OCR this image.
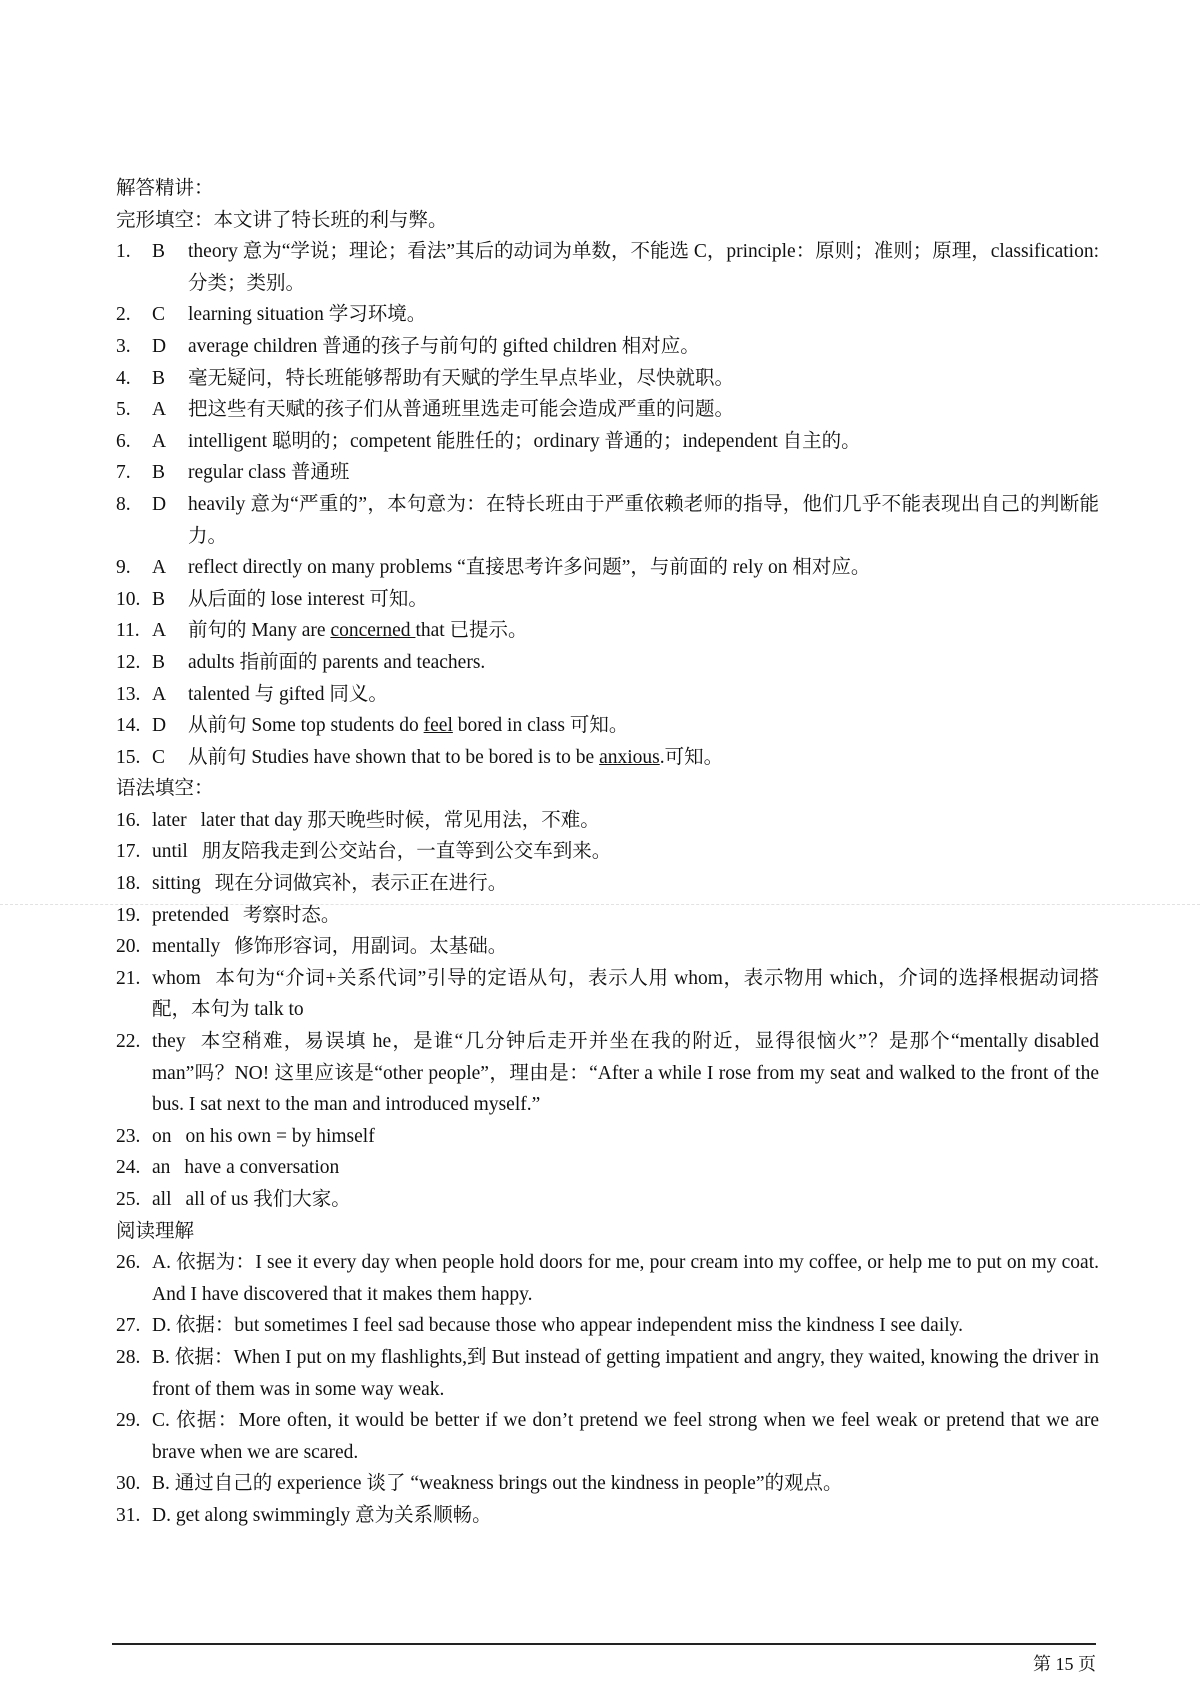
解答精讲：

完形填空：本文讲了特长班的利与弊。

1.	B	theory 意为“学说；理论；看法”其后的动词为单数，不能选 C，principle：原则；准则；原理，classification:分类；类别。
2.	C	learning situation 学习环境。
3.	D	average children 普通的孩子与前句的 gifted children 相对应。
4.	B	毫无疑问，特长班能够帮助有天赋的学生早点毕业，尽快就职。
5.	A	把这些有天赋的孩子们从普通班里选走可能会造成严重的问题。
6.	A	intelligent 聪明的；competent 能胜任的；ordinary 普通的；independent 自主的。
7.	B	regular class 普通班
8.	D	heavily 意为“严重的”，本句意为：在特长班由于严重依赖老师的指导，他们几乎不能表现出自己的判断能力。
9.	A	reflect directly on many problems “直接思考许多问题”，与前面的 rely on 相对应。
10. B	从后面的 lose interest 可知。
11. A	前句的 Many are concerned that 已提示。
12. B	adults 指前面的 parents and teachers.
13. A	talented 与 gifted 同义。
14. D	从前句 Some top students do feel bored in class 可知。
15. C	从前句 Studies have shown that to be bored is to be anxious.可知。

语法填空：

16. later later that day 那天晚些时候，常见用法，不难。
17. until 朋友陪我走到公交站台，一直等到公交车到来。
18. sitting 现在分词做宾补，表示正在进行。
19. pretended 考察时态。
20. mentally 修饰形容词，用副词。太基础。
21. whom 本句为“介词+关系代词”引导的定语从句，表示人用 whom，表示物用 which，介词的选择根据动词搭配，本句为 talk to
22. they 本空稍难，易误填 he，是谁“几分钟后走开并坐在我的附近，显得很恼火”？是那个“mentally disabled man”吗？NO! 这里应该是“other people”，理由是：“After a while I rose from my seat and walked to the front of the bus. I sat next to the man and introduced myself.”
23. on on his own = by himself
24. an have a conversation
25. all all of us 我们大家。

阅读理解

26. A. 依据为：I see it every day when people hold doors for me, pour cream into my coffee, or help me to put on my coat. And I have discovered that it makes them happy.
27. D. 依据：but sometimes I feel sad because those who appear independent miss the kindness I see daily.
28. B. 依据：When I put on my flashlights,到 But instead of getting impatient and angry, they waited, knowing the driver in front of them was in some way weak.
29. C. 依据：More often, it would be better if we don’t pretend we feel strong when we feel weak or pretend that we are brave when we are scared.
30. B. 通过自己的 experience 谈了 “weakness brings out the kindness in people”的观点。
31. D. get along swimmingly 意为关系顺畅。
第 15 页
